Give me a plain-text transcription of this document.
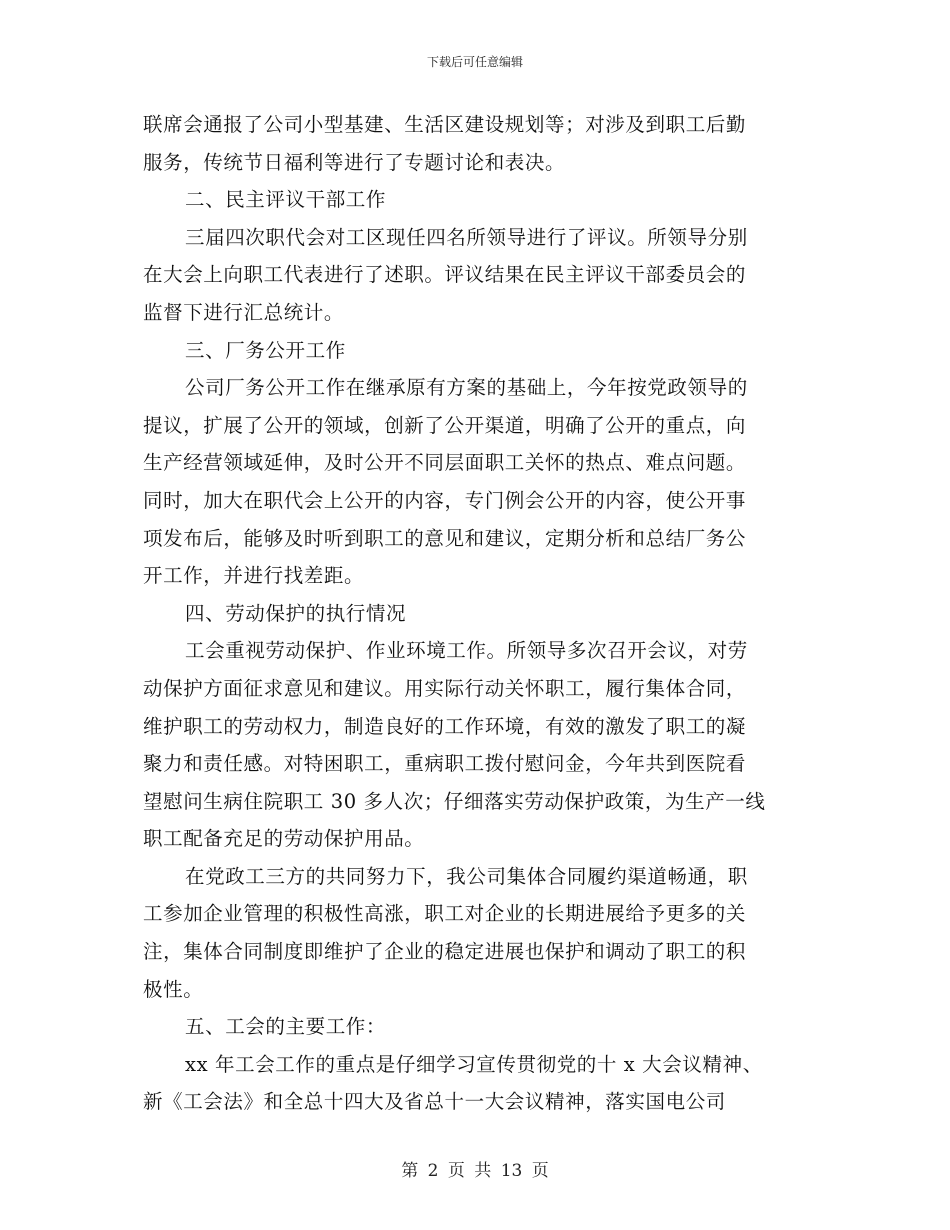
下载后可任意编辑
联席会通报了公司小型基建、生活区建设规划等；对涉及到职工后勤
服务，传统节日福利等进行了专题讨论和表决。
二、民主评议干部工作
三届四次职代会对工区现任四名所领导进行了评议。所领导分别
在大会上向职工代表进行了述职。评议结果在民主评议干部委员会的
监督下进行汇总统计。
三、厂务公开工作
公司厂务公开工作在继承原有方案的基础上，今年按党政领导的
提议，扩展了公开的领域，创新了公开渠道，明确了公开的重点，向
生产经营领域延伸，及时公开不同层面职工关怀的热点、难点问题。
同时，加大在职代会上公开的内容，专门例会公开的内容，使公开事
项发布后，能够及时听到职工的意见和建议，定期分析和总结厂务公
开工作，并进行找差距。
四、劳动保护的执行情况
工会重视劳动保护、作业环境工作。所领导多次召开会议，对劳
动保护方面征求意见和建议。用实际行动关怀职工，履行集体合同，
维护职工的劳动权力，制造良好的工作环境，有效的激发了职工的凝
聚力和责任感。对特困职工，重病职工拨付慰问金，今年共到医院看
望慰问生病住院职工 30 多人次；仔细落实劳动保护政策，为生产一线
职工配备充足的劳动保护用品。
在党政工三方的共同努力下，我公司集体合同履约渠道畅通，职
工参加企业管理的积极性高涨，职工对企业的长期进展给予更多的关
注，集体合同制度即维护了企业的稳定进展也保护和调动了职工的积
极性。
五、工会的主要工作：
xx 年工会工作的重点是仔细学习宣传贯彻党的十 x 大会议精神、
新《工会法》和全总十四大及省总十一大会议精神，落实国电公司
第 2 页 共 13 页
